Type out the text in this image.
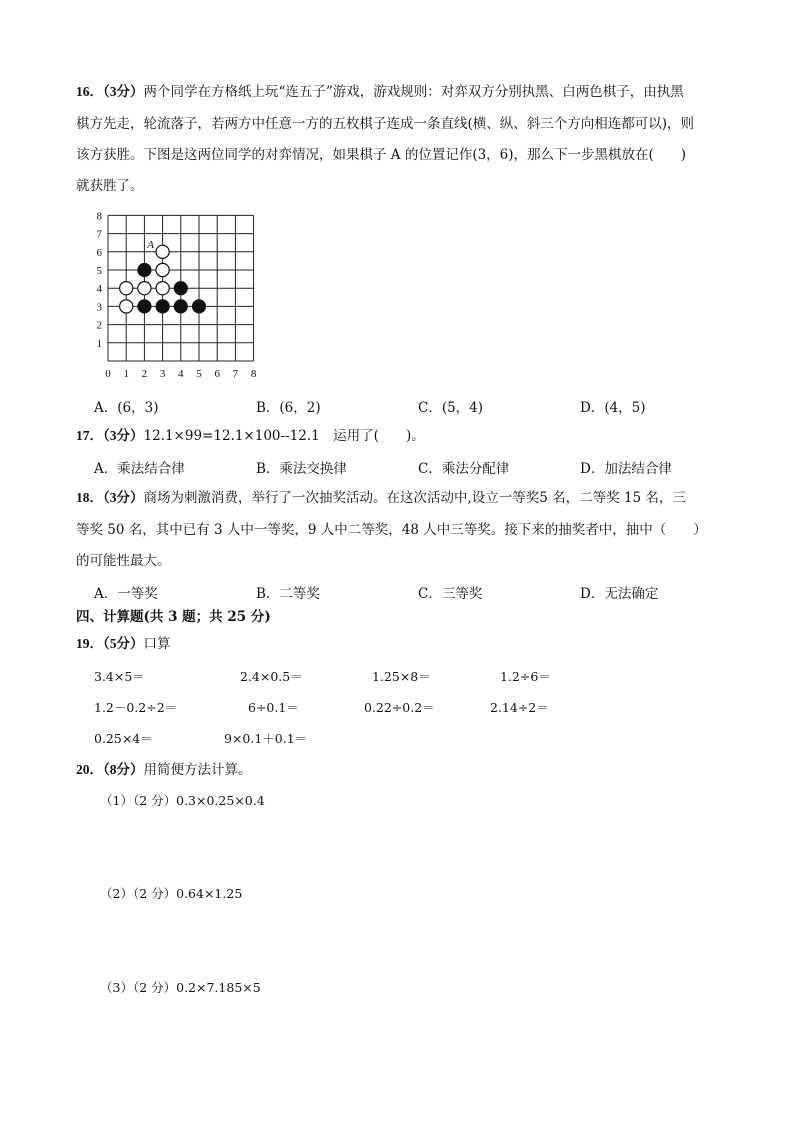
16．（3分）两个同学在方格纸上玩“连五子”游戏，游戏规则：对弈双方分别执黑、白两色棋子，由执黑
棋方先走，轮流落子，若两方中任意一方的五枚棋子连成一条直线(横、纵、斜三个方向相连都可以)，则
该方获胜。下图是这两位同学的对弈情况，如果棋子 A 的位置记作(3，6)，那么下一步黑棋放在(　　)
就获胜了。
0 1 2 3 4 5 6 7 8
1
2
3
4
5
6
7
8
A
A．(6，3)	B．(6，2)	C．(5，4)	D．(4，5)
17．（3分）12.1×99=12.1×100--12.1　运用了(　　)。
A．乘法结合律	B．乘法交换律	C．乘法分配律	D．加法结合律
18．（3分）商场为刺激消费，举行了一次抽奖活动。在这次活动中,设立一等奖5 名，二等奖 15 名，三
等奖 50 名，其中已有 3 人中一等奖，9 人中二等奖，48 人中三等奖。接下来的抽奖者中，抽中（　　）
的可能性最大。
A．一等奖	B．二等奖	C．三等奖	D．无法确定
四、计算题(共 3 题；共 25 分)
19．（5分）口算
3.4×5＝	2.4×0.5＝	1.25×8＝	1.2÷6＝
1.2－0.2÷2＝	6÷0.1＝	0.22÷0.2＝	2.14÷2＝
0.25×4＝	9×0.1＋0.1＝
20．（8分）用简便方法计算。
（1）（2 分）0.3×0.25×0.4
（2）（2 分）0.64×1.25
（3）（2 分）0.2×7.185×5
